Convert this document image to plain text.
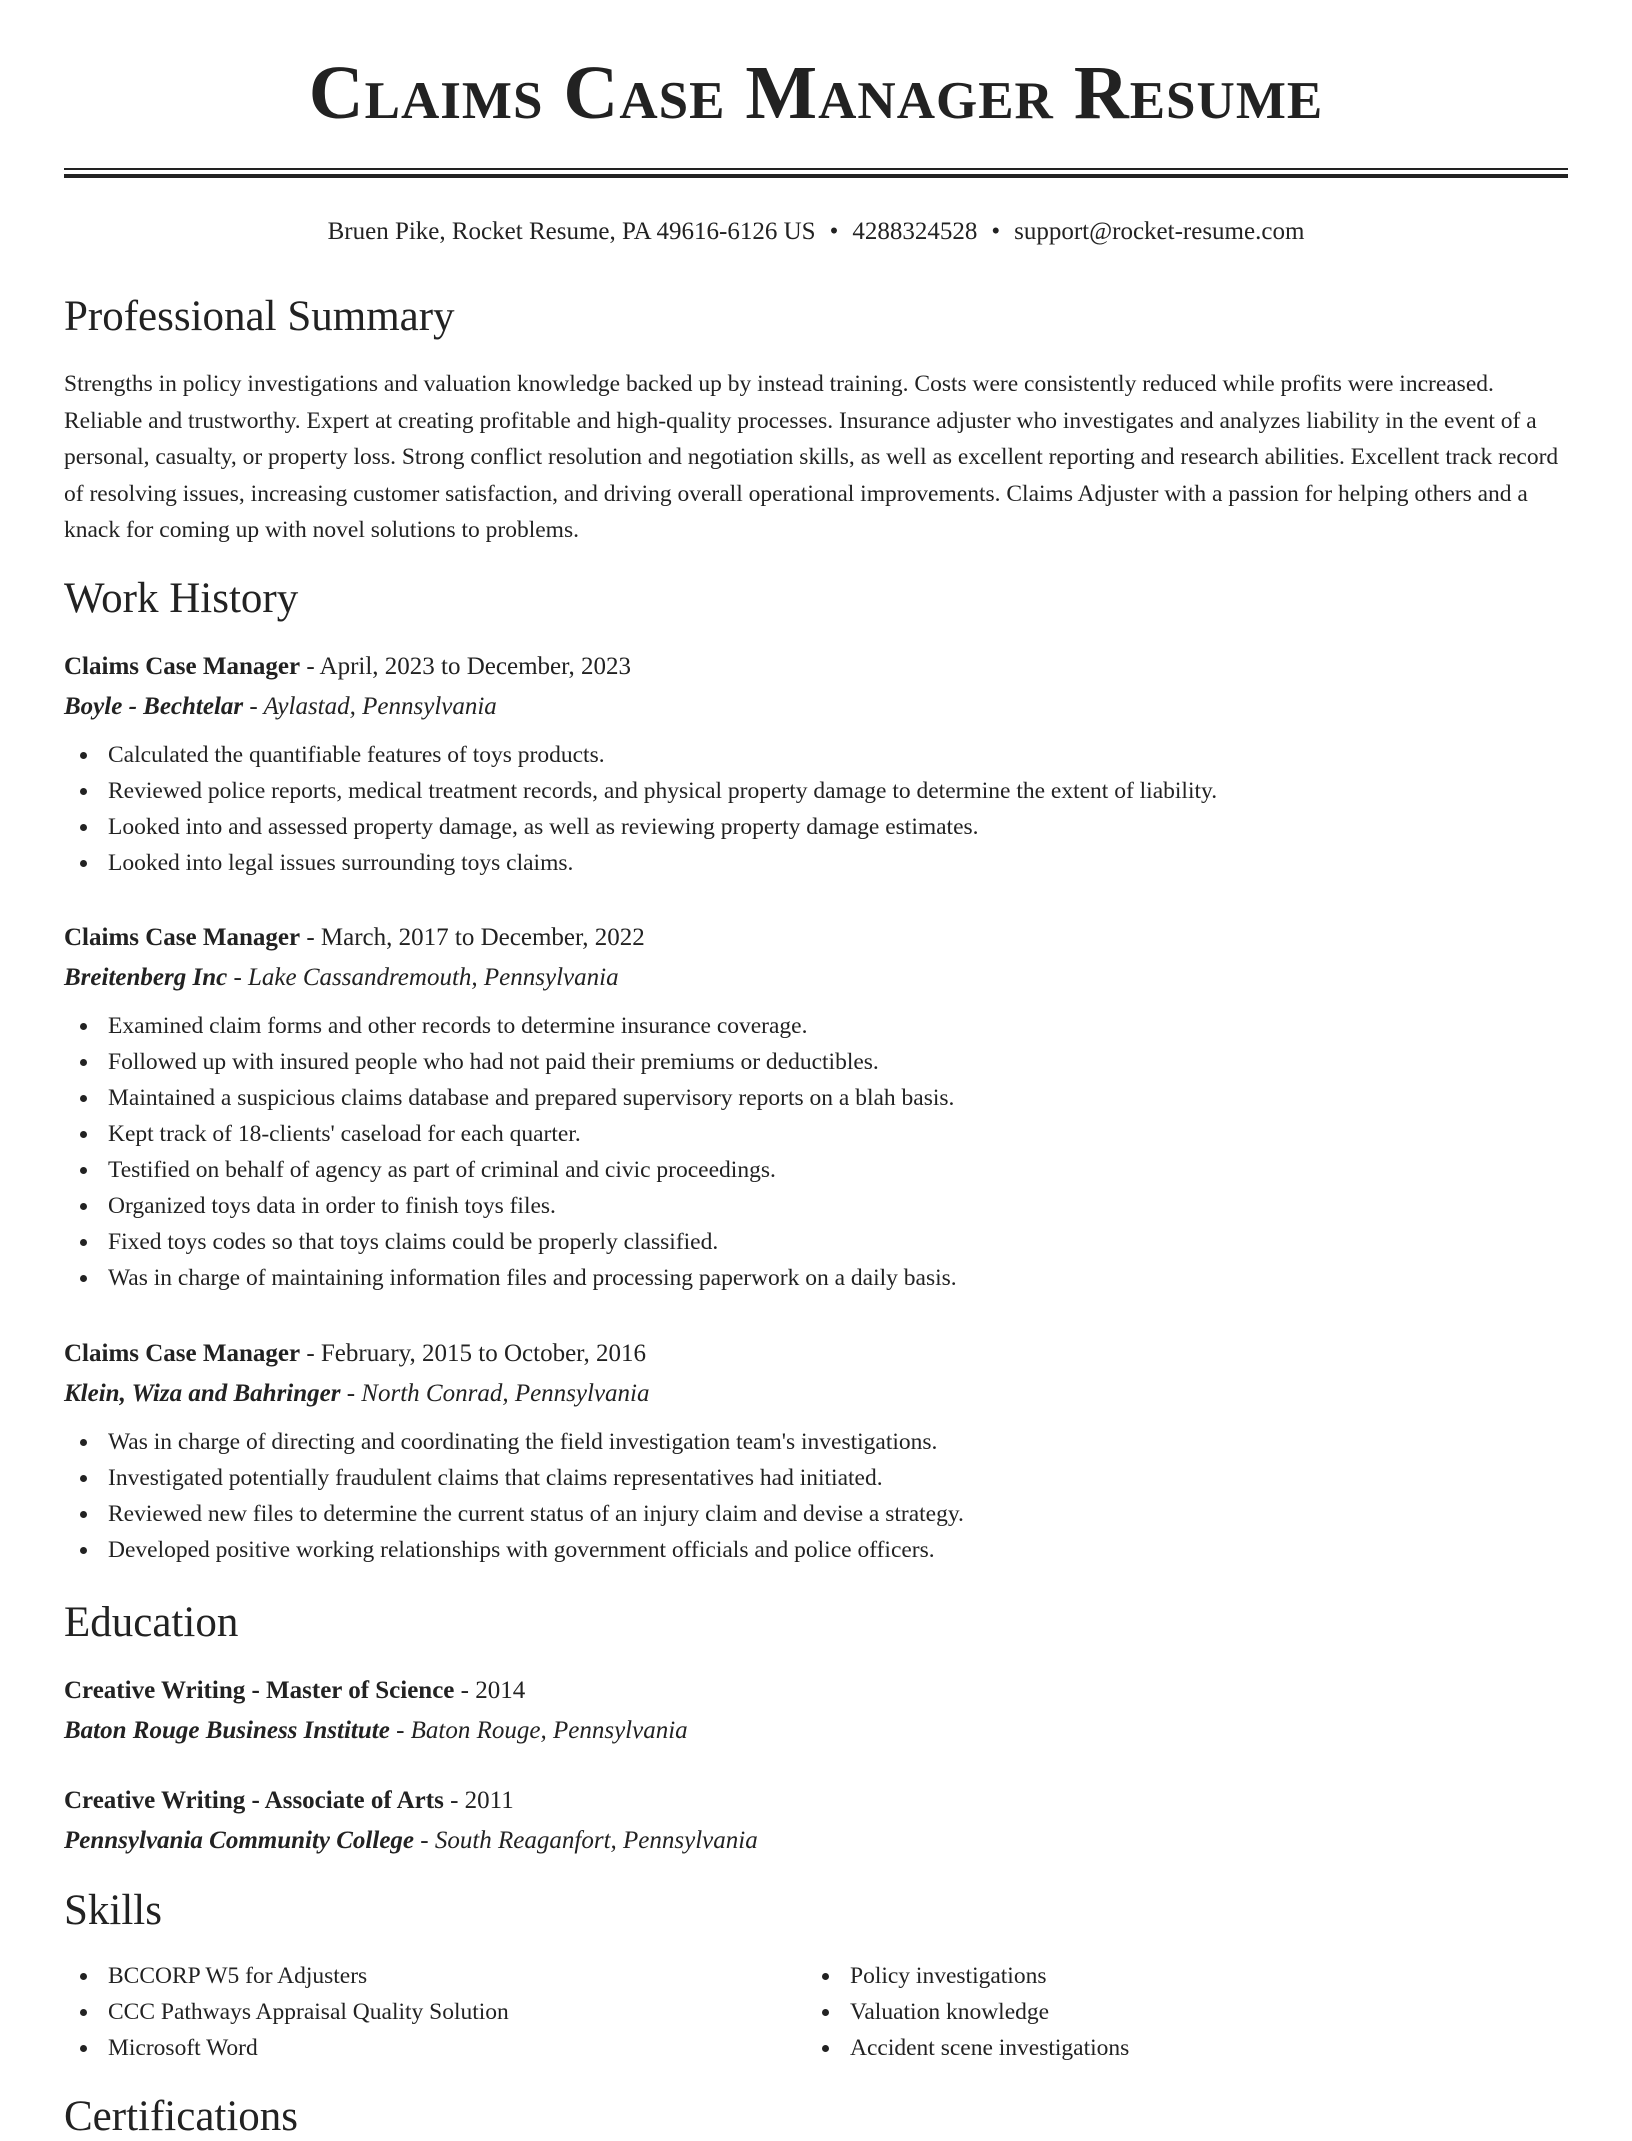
Claims Case Manager Resume
Bruen Pike, Rocket Resume, PA 49616-6126 US • 4288324528 • support@rocket-resume.com
Professional Summary

Strengths in policy investigations and valuation knowledge backed up by instead training. Costs were consistently reduced while profits were increased. Reliable and trustworthy. Expert at creating profitable and high-quality processes. Insurance adjuster who investigates and analyzes liability in the event of a personal, casualty, or property loss. Strong conflict resolution and negotiation skills, as well as excellent reporting and research abilities. Excellent track record of resolving issues, increasing customer satisfaction, and driving overall operational improvements. Claims Adjuster with a passion for helping others and a knack for coming up with novel solutions to problems.

Work History
Claims Case Manager - April, 2023 to December, 2023
Boyle - Bechtelar - Aylastad, Pennsylvania
Calculated the quantifiable features of toys products.
Reviewed police reports, medical treatment records, and physical property damage to determine the extent of liability.
Looked into and assessed property damage, as well as reviewing property damage estimates.
Looked into legal issues surrounding toys claims.
Claims Case Manager - March, 2017 to December, 2022
Breitenberg Inc - Lake Cassandremouth, Pennsylvania
Examined claim forms and other records to determine insurance coverage.
Followed up with insured people who had not paid their premiums or deductibles.
Maintained a suspicious claims database and prepared supervisory reports on a blah basis.
Kept track of 18-clients' caseload for each quarter.
Testified on behalf of agency as part of criminal and civic proceedings.
Organized toys data in order to finish toys files.
Fixed toys codes so that toys claims could be properly classified.
Was in charge of maintaining information files and processing paperwork on a daily basis.
Claims Case Manager - February, 2015 to October, 2016
Klein, Wiza and Bahringer - North Conrad, Pennsylvania
Was in charge of directing and coordinating the field investigation team's investigations.
Investigated potentially fraudulent claims that claims representatives had initiated.
Reviewed new files to determine the current status of an injury claim and devise a strategy.
Developed positive working relationships with government officials and police officers.
Education
Creative Writing - Master of Science - 2014
Baton Rouge Business Institute - Baton Rouge, Pennsylvania
Creative Writing - Associate of Arts - 2011
Pennsylvania Community College - South Reaganfort, Pennsylvania
Skills
BCCORP W5 for Adjusters
CCC Pathways Appraisal Quality Solution
Microsoft Word
Policy investigations
Valuation knowledge
Accident scene investigations
Certifications
